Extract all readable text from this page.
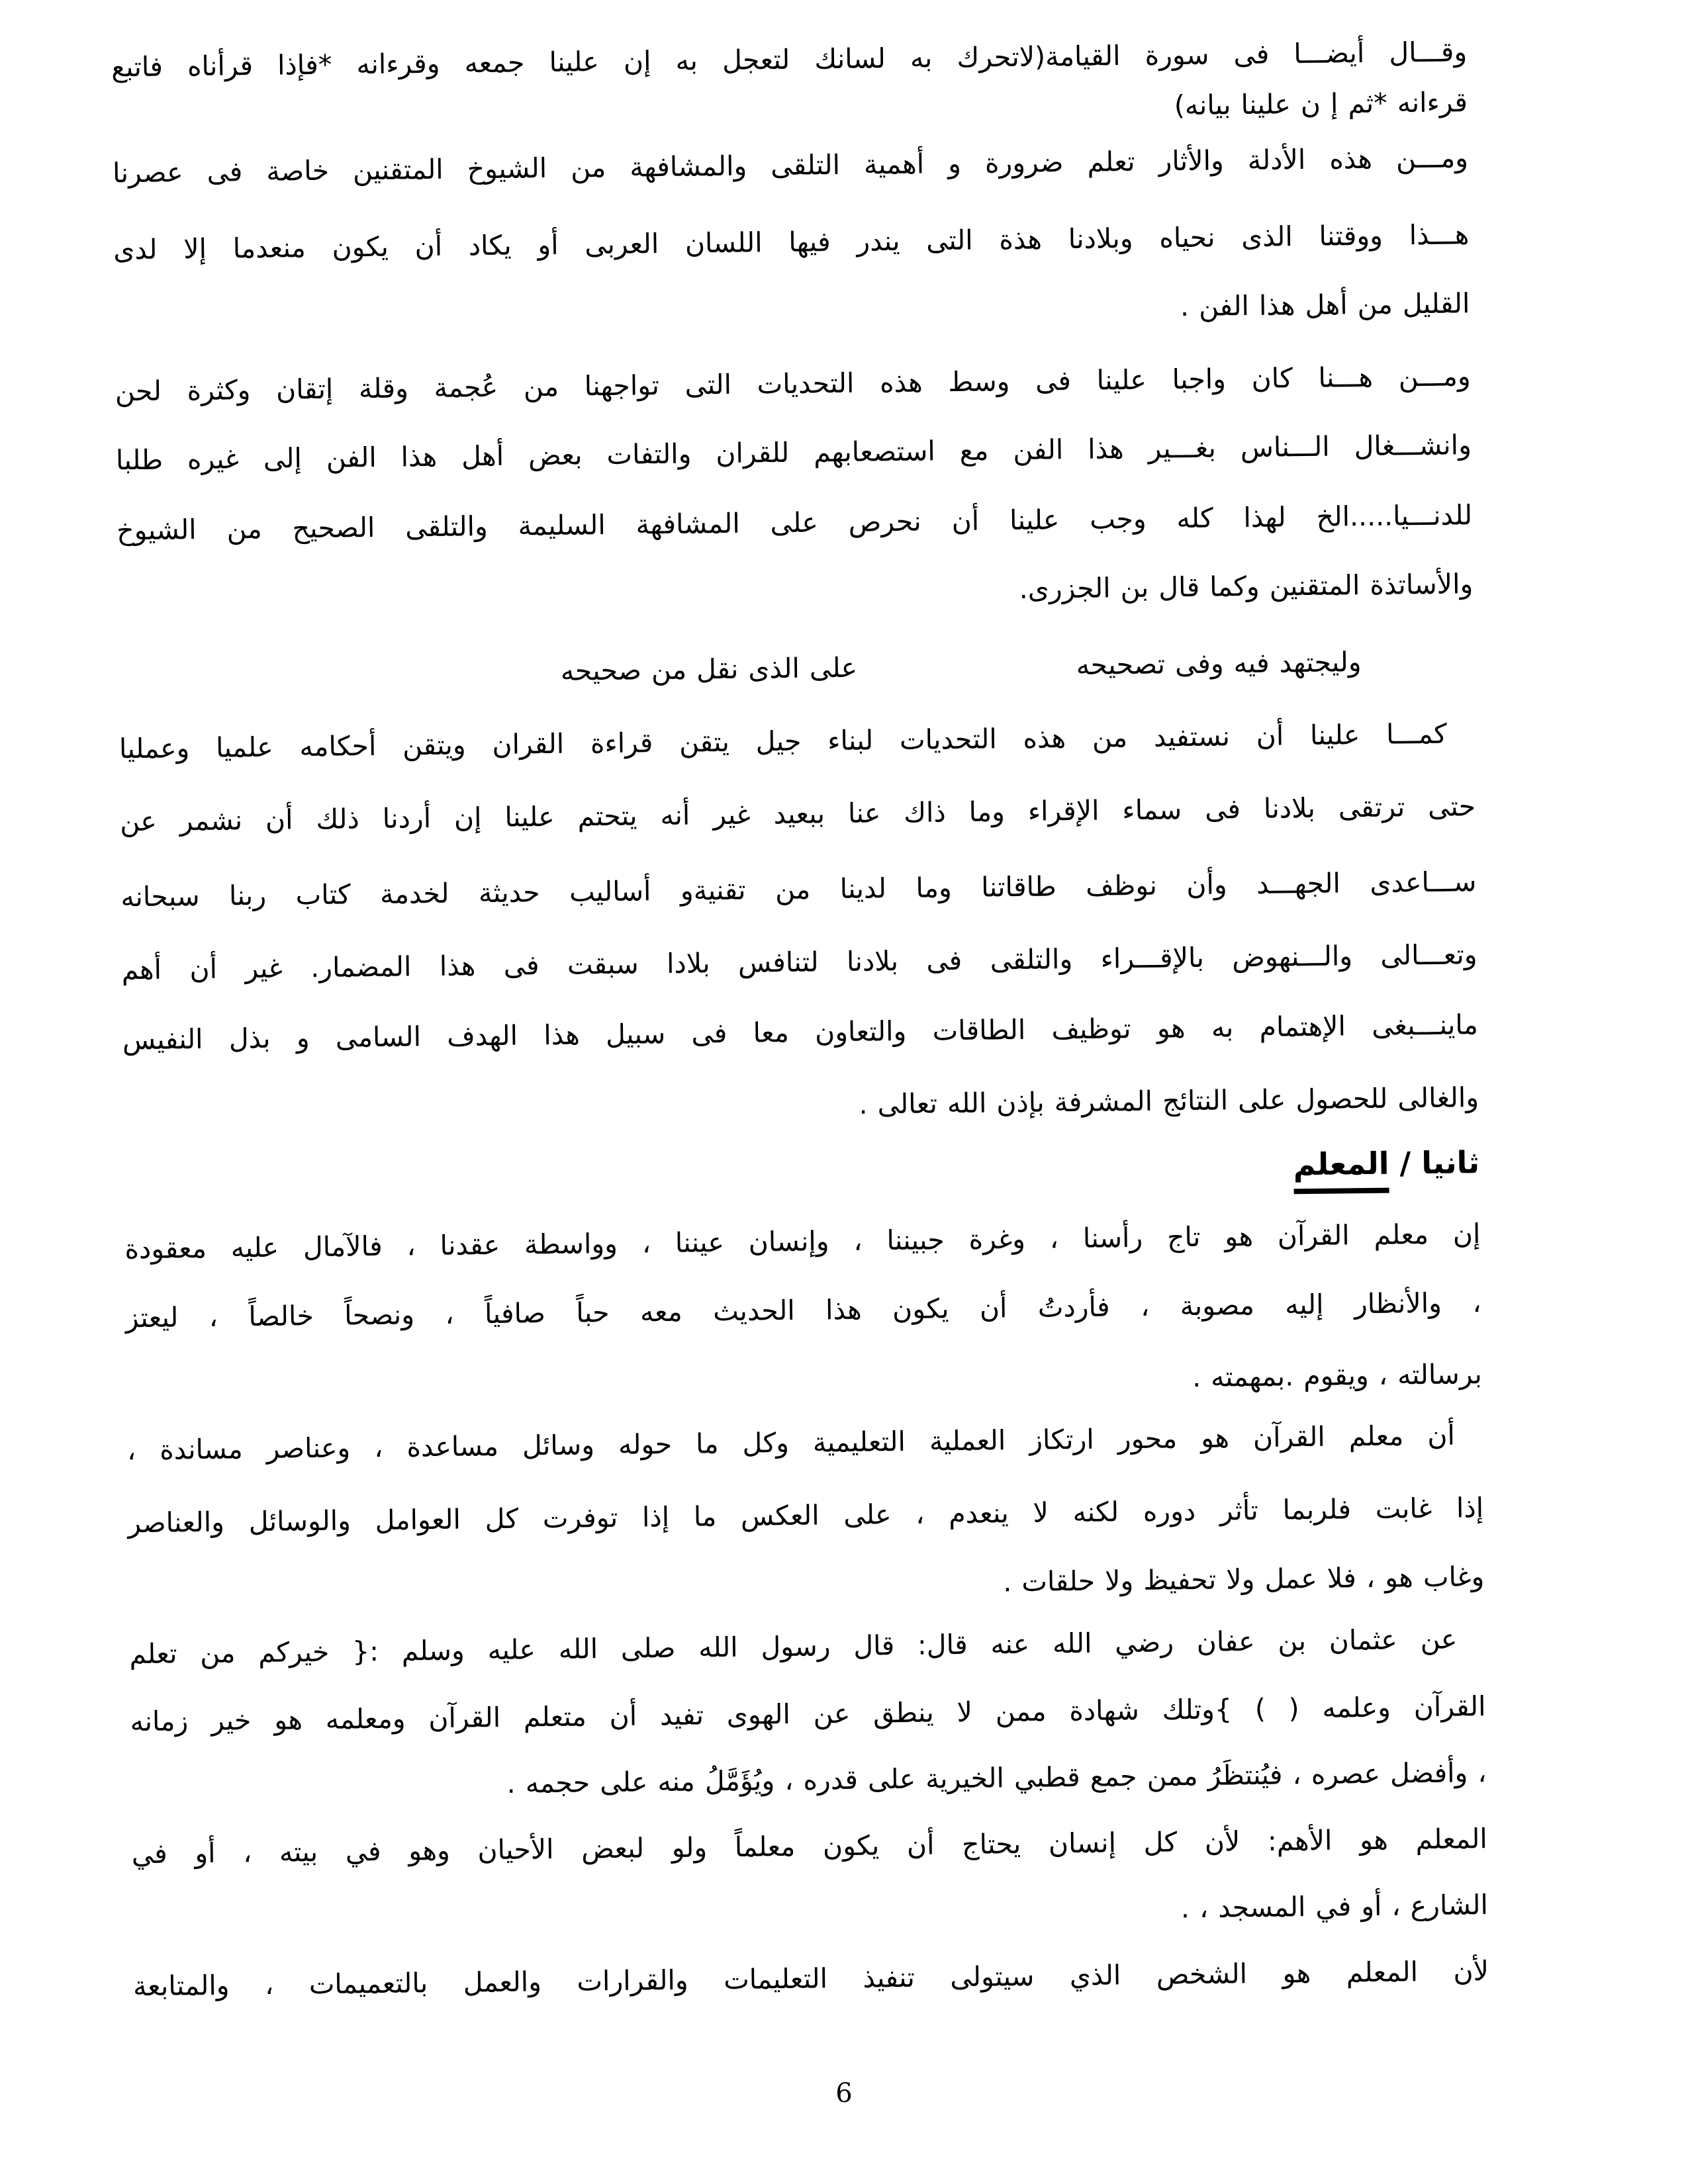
وقـــال أيضـــا فى سورة القيامة(لاتحرك به لسانك لتعجل به إن علينا جمعه وقرءانه *فإذا قرأناه فاتبع
قرءانه *ثم إ ن علينا بيانه)
ومـــن هذه الأدلة والأثار تعلم ضرورة و أهمية التلقى والمشافهة من الشيوخ المتقنين خاصة فى عصرنا
هـــذا ووقتنا الذى نحياه وبلادنا هذة التى يندر فيها اللسان العربى أو يكاد أن يكون منعدما إلا لدى
القليل من أهل هذا الفن .
ومـــن هـــنا كان واجبا علينا فى وسط هذه التحديات التى تواجهنا من عُجمة وقلة إتقان وكثرة لحن
وانشـــغال الـــناس بغـــير هذا الفن مع استصعابهم للقران والتفات بعض أهل هذا الفن إلى غيره طلبا
للدنـــيا.....الخ لهذا كله وجب علينا أن نحرص على المشافهة السليمة والتلقى الصحيح من الشيوخ
والأساتذة المتقنين وكما قال بن الجزرى.
وليجتهد فيه وفى تصحيحه                      على الذى نقل من صحيحه
كمـــا علينا أن نستفيد من هذه التحديات لبناء جيل يتقن قراءة القران ويتقن أحكامه علميا وعمليا
حتى ترتقى بلادنا فى سماء الإقراء وما ذاك عنا ببعيد غير أنه يتحتم علينا إن أردنا ذلك أن نشمر عن
ســـاعدى الجهـــد وأن نوظف طاقاتنا وما لدينا من تقنيةو أساليب حديثة لخدمة كتاب ربنا سبحانه
وتعـــالى والـــنهوض بالإقـــراء والتلقى فى بلادنا لتنافس بلادا سبقت فى هذا المضمار. غير أن أهم
ماينـــبغى الإهتمام به هو توظيف الطاقات والتعاون معا فى سبيل هذا الهدف السامى و بذل النفيس
والغالى للحصول على النتائج المشرفة بإذن الله تعالى .
ثانيا / المعلم
إن معلم القرآن هو تاج رأسنا ، وغرة جبيننا ، وإنسان عيننا ، وواسطة عقدنا ، فالآمال عليه معقودة
، والأنظار إليه مصوبة ، فأردتُ أن يكون هذا الحديث معه حباً صافياً ، ونصحاً خالصاً ، ليعتز
برسالته ، ويقوم .بمهمته .
أن معلم القرآن هو محور ارتكاز العملية التعليمية وكل ما حوله وسائل مساعدة ، وعناصر مساندة ،
إذا غابت فلربما تأثر دوره لكنه لا ينعدم ، على العكس ما إذا توفرت كل العوامل والوسائل والعناصر
وغاب هو ، فلا عمل ولا تحفيظ ولا حلقات .
عن عثمان بن عفان رضي الله عنه قال: قال رسول الله صلى الله عليه وسلم :{ خيركم من تعلم
القرآن وعلمه ( ) }وتلك شهادة ممن لا ينطق عن الهوى تفيد أن متعلم القرآن ومعلمه هو خير زمانه
، وأفضل عصره ، فيُنتظَرُ ممن جمع قطبي الخيرية على قدره ، ويُؤَمَّلُ منه على حجمه .
المعلم هو الأهم: لأن كل إنسان يحتاج أن يكون معلماً ولو لبعض الأحيان وهو في بيته ، أو في
الشارع ، أو في المسجد ، .
لأن المعلم هو الشخص الذي سيتولى تنفيذ التعليمات والقرارات والعمل بالتعميمات ، والمتابعة
6
